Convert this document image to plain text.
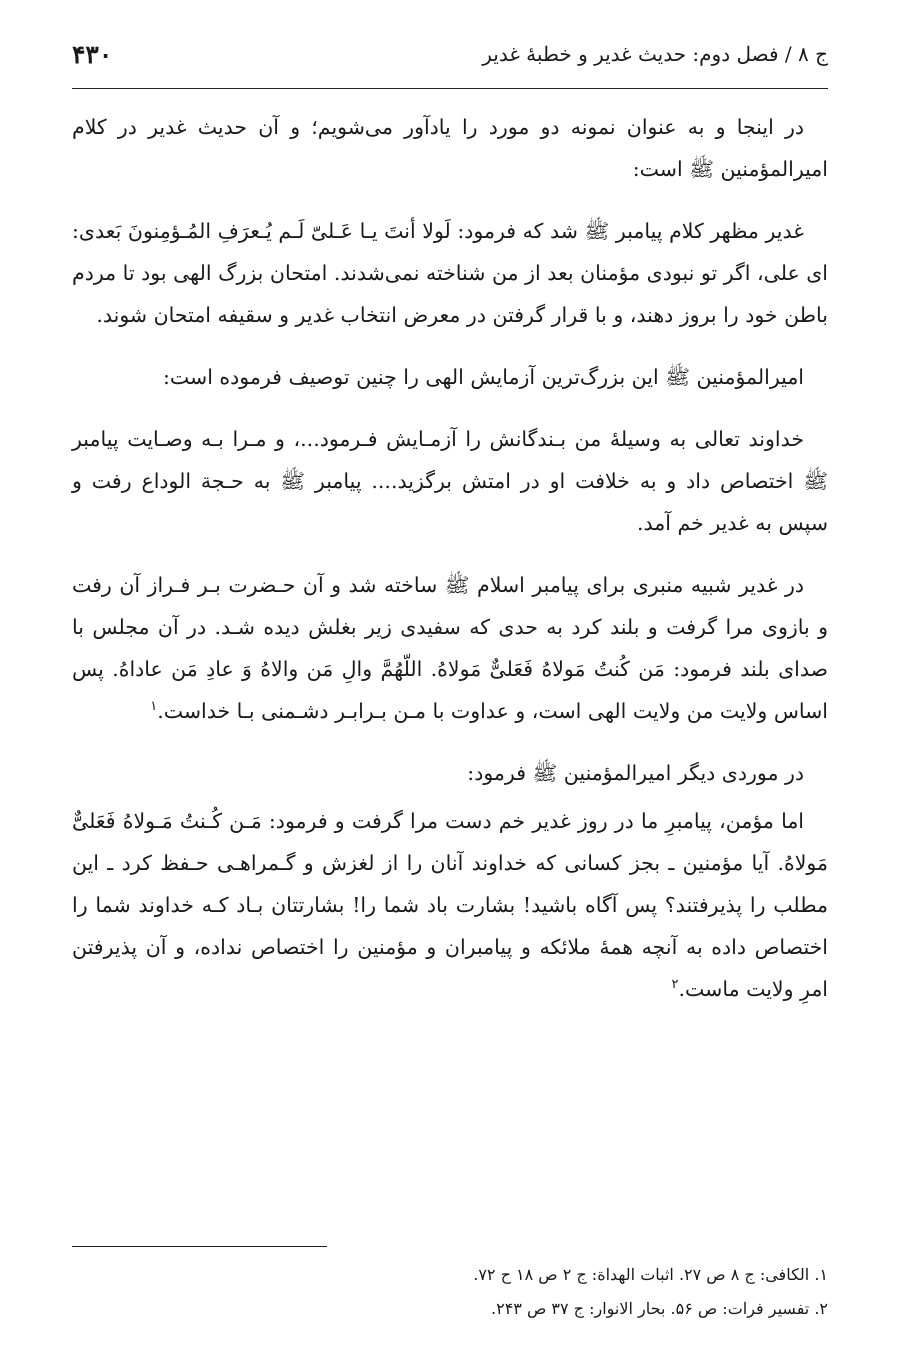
ج ۸ / فصل دوم: حدیث غدیر و خطبهٔ غدیر
۴۳۰

در اینجا و به عنوان نمونه دو مورد را یادآور می‌شویم؛ و آن حدیث غدیر در کلام امیرالمؤمنین ﷺ است:

غدیر مظهر کلام پیامبر ﷺ شد که فرمود: لَولا أنتَ یـا عَـلیّ لَـم یُـعرَفِ المُـؤمِنونَ بَعدی: ای علی، اگر تو نبودی مؤمنان بعد از من شناخته نمی‌شدند. امتحان بزرگ الهی بود تا مردم باطن خود را بروز دهند، و با قرار گرفتن در معرض انتخاب غدیر و سقیفه امتحان شوند.

امیرالمؤمنین ﷺ این بزرگ‌ترین آزمایش الهی را چنین توصیف فرموده است:

خداوند تعالی به وسیلهٔ من بـندگانش را آزمـایش فـرمود...، و مـرا بـه وصـایت پیامبر ﷺ اختصاص داد و به خلافت او در امتش برگزید.... پیامبر ﷺ به حـجة الوداع رفت و سپس به غدیر خم آمد.

در غدیر شبیه منبری برای پیامبر اسلام ﷺ ساخته شد و آن حـضرت بـر فـراز آن رفت و بازوی مرا گرفت و بلند کرد به حدی که سفیدی زیر بغلش دیده شـد. در آن مجلس با صدای بلند فرمود: مَن کُنتُ مَولاهُ فَعَلیٌّ مَولاهُ. اللّهُمَّ والِ مَن والاهُ وَ عادِ مَن عاداهُ. پس اساس ولایت من ولایت الهی است، و عداوت با مـن بـرابـر دشـمنی بـا خداست.$^۱$

در موردی دیگر امیرالمؤمنین ﷺ فرمود:

اما مؤمن، پیامبرِ ما در روز غدیر خم دست مرا گرفت و فرمود: مَـن کُـنتُ مَـولاهُ فَعَلیٌّ مَولاهُ. آیا مؤمنین ـ بجز کسانی که خداوند آنان را از لغزش و گـمراهـی حـفظ کرد ـ این مطلب را پذیرفتند؟ پس آگاه باشید! بشارت باد شما را! بشارتتان بـاد کـه خداوند شما را اختصاص داده به آنچه همهٔ ملائکه و پیامبران و مؤمنین را اختصاص نداده، و آن پذیرفتن امرِ ولایت ماست.$^۲$

۱. الکافی: ج ۸ ص ۲۷. اثبات الهداة: ج ۲ ص ۱۸ ح ۷۲.
۲. تفسیر فرات: ص ۵۶. بحار الانوار: ج ۳۷ ص ۲۴۳.
